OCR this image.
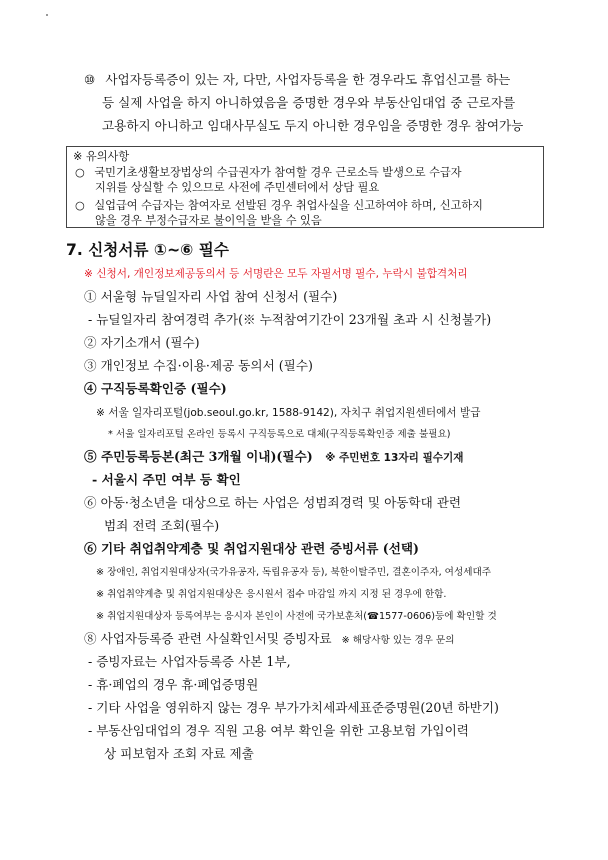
⑩ 사업자등록증이 있는 자, 다만, 사업자등록을 한 경우라도 휴업신고를 하는
등 실제 사업을 하지 아니하였음을 증명한 경우와 부동산임대업 중 근로자를
고용하지 아니하고 임대사무실도 두지 아니한 경우임을 증명한 경우 참여가능
※ 유의사항
○ 국민기초생활보장법상의 수급권자가 참여할 경우 근로소득 발생으로 수급자
지위를 상실할 수 있으므로 사전에 주민센터에서 상담 필요
○ 실업급여 수급자는 참여자로 선발된 경우 취업사실을 신고하여야 하며, 신고하지
않을 경우 부정수급자로 불이익을 받을 수 있음
7. 신청서류 ①~⑥ 필수
※ 신청서, 개인정보제공동의서 등 서명란은 모두 자필서명 필수, 누락시 불합격처리
① 서울형 뉴딜일자리 사업 참여 신청서 (필수)
- 뉴딜일자리 참여경력 추가(※ 누적참여기간이 23개월 초과 시 신청불가)
② 자기소개서 (필수)
③ 개인정보 수집·이용·제공 동의서 (필수)
④ 구직등록확인증 (필수)
※ 서울 일자리포털(job.seoul.go.kr, 1588-9142), 자치구 취업지원센터에서 발급
* 서울 일자리포털 온라인 등록시 구직등록으로 대체(구직등록확인증 제출 불필요)
⑤ 주민등록등본(최근 3개월 이내)(필수) ※ 주민번호 13자리 필수기재
- 서울시 주민 여부 등 확인
⑥ 아동·청소년을 대상으로 하는 사업은 성범죄경력 및 아동학대 관련
범죄 전력 조회(필수)
⑥ 기타 취업취약계층 및 취업지원대상 관련 증빙서류 (선택)
※ 장애인, 취업지원대상자(국가유공자, 독립유공자 등), 북한이탈주민, 결혼이주자, 여성세대주
※ 취업취약계층 및 취업지원대상은 응시원서 접수 마감일 까지 지정 된 경우에 한함.
※ 취업지원대상자 등록여부는 응시자 본인이 사전에 국가보훈처(☎1577-0606)등에 확인할 것
⑧ 사업자등록증 관련 사실확인서및 증빙자료 ※ 해당사항 있는 경우 문의
- 증빙자료는 사업자등록증 사본 1부,
- 휴·폐업의 경우 휴·폐업증명원
- 기타 사업을 영위하지 않는 경우 부가가치세과세표준증명원(20년 하반기)
- 부동산임대업의 경우 직원 고용 여부 확인을 위한 고용보험 가입이력
상 피보험자 조회 자료 제출
